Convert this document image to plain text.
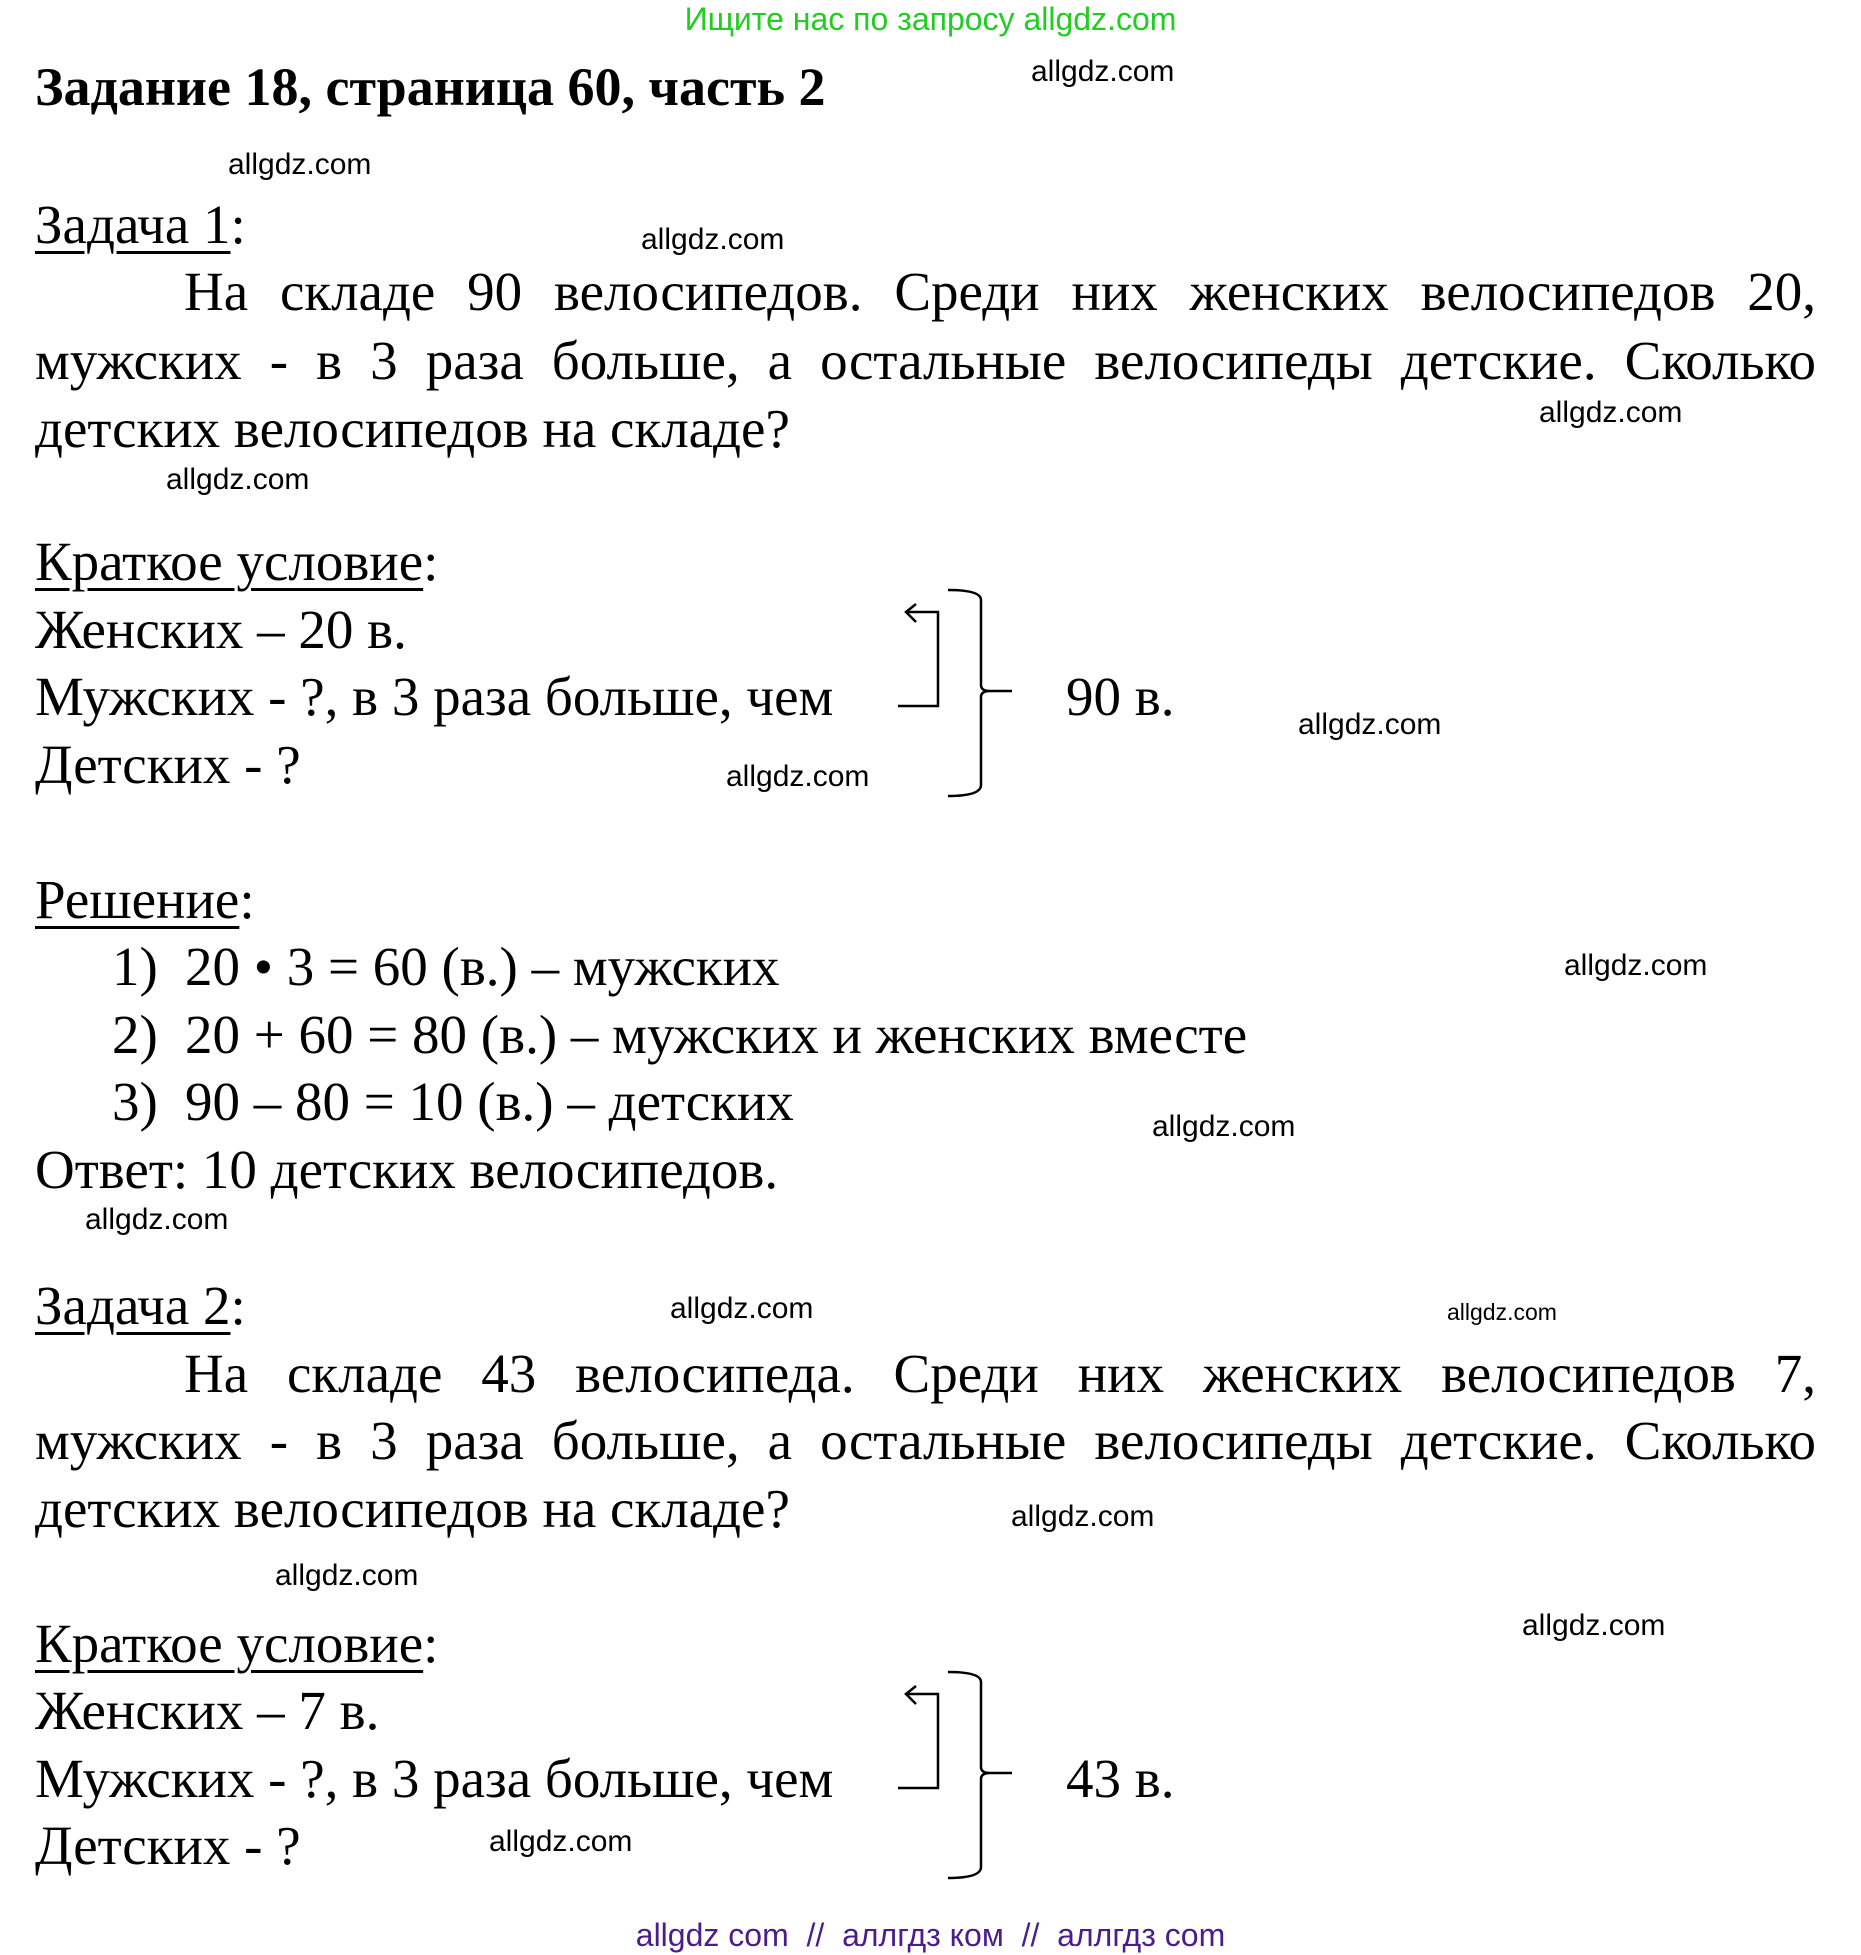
Ищите нас по запросу allgdz.com
Задание 18, страница 60, часть 2	allgdz.com
allgdz.com
allgdz.com
allgdz.com
allgdz.com
allgdz.com
allgdz.com
allgdz.com
allgdz.com
allgdz.com
allgdz.com	allgdz.com
allgdz.com
allgdz.com
allgdz.com
allgdz.com
Задача 1:
На складе 90 велосипедов. Среди них женских велосипедов 20,
мужских - в 3 раза больше, а остальные велосипеды детские. Сколько
детских велосипедов на складе?
Краткое условие:
Женских – 20 в.
Мужских - ?, в 3 раза больше, чем
Детских - ?
90 в.
Решение:
1) 20 • 3 = 60 (в.) – мужских
2) 20 + 60 = 80 (в.) – мужских и женских вместе
3) 90 – 80 = 10 (в.) – детских
Ответ: 10 детских велосипедов.
Задача 2:
На складе 43 велосипеда. Среди них женских велосипедов 7,
мужских - в 3 раза больше, а остальные велосипеды детские. Сколько
детских велосипедов на складе?
Краткое условие:
Женских – 7 в.
Мужских - ?, в 3 раза больше, чем
Детских - ?
43 в.
allgdz com  //  аллгдз ком  //  аллгдз com
